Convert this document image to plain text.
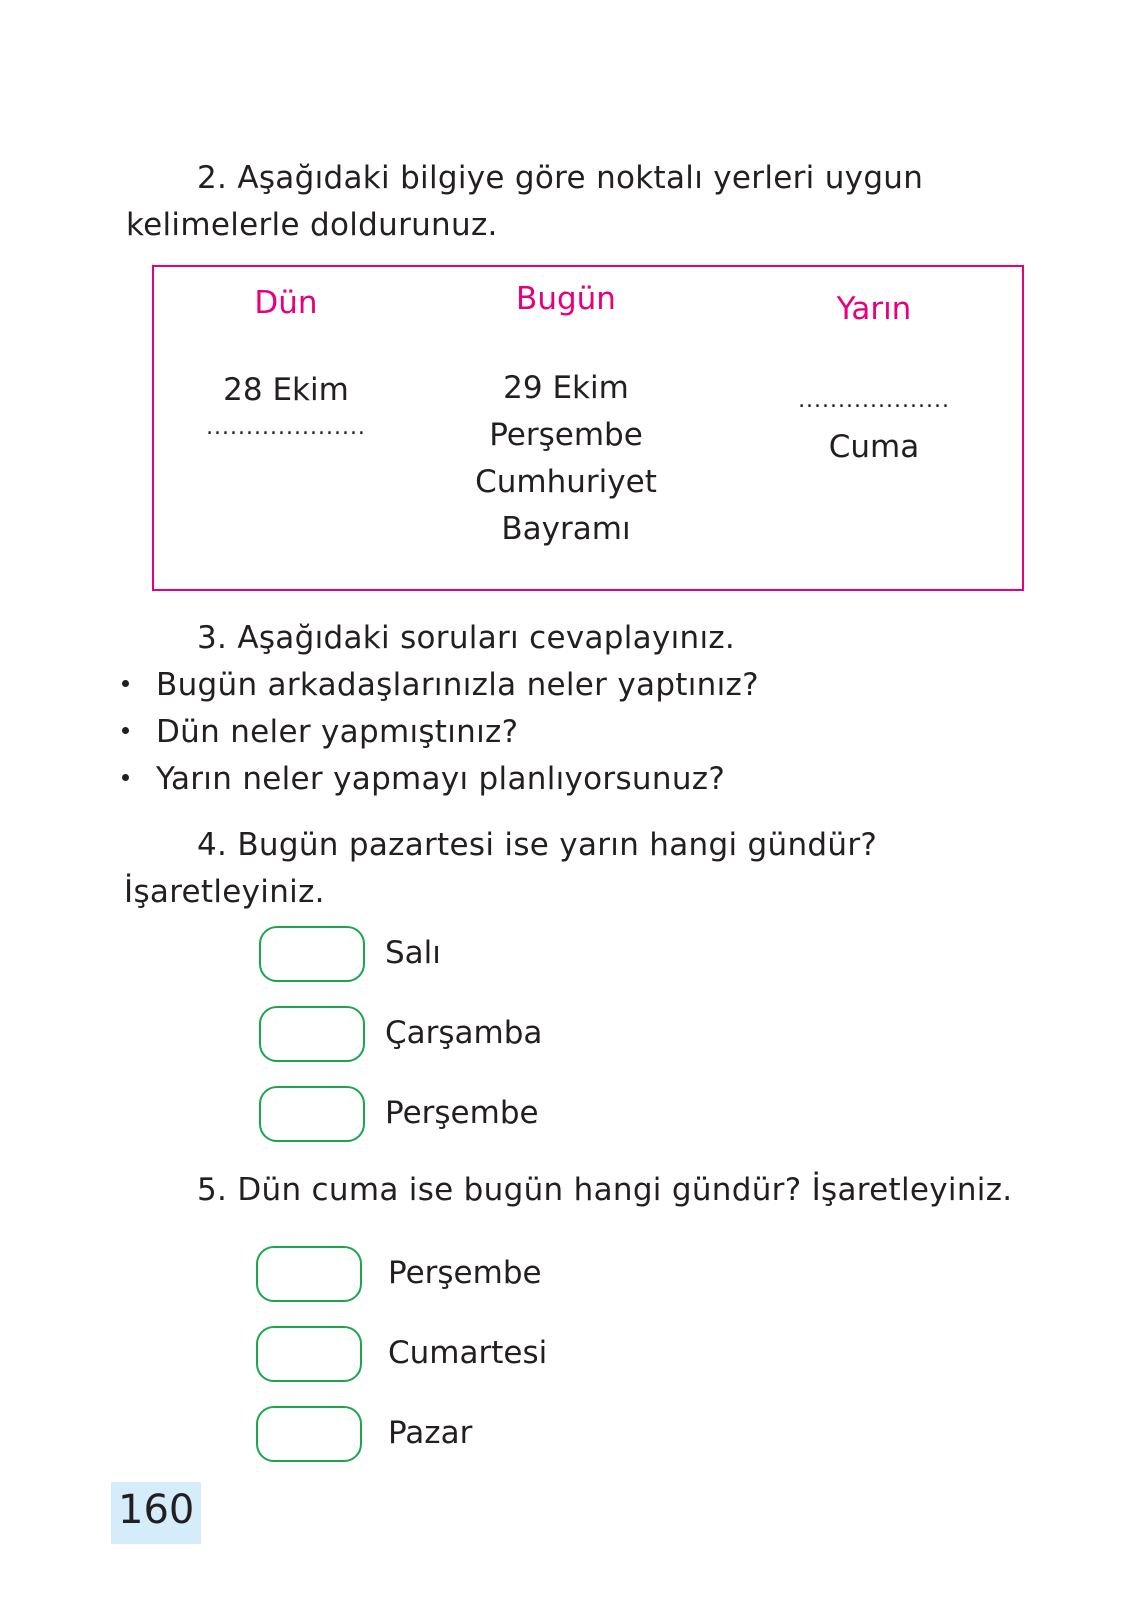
2. Aşağıdaki bilgiye göre noktalı yerleri uygun
kelimelerle doldurunuz.
Dün
28 Ekim
....................
Bugün
29 Ekim
Perşembe
Cumhuriyet
Bayramı
Yarın
...................
Cuma
3. Aşağıdaki soruları cevaplayınız.
Bugün arkadaşlarınızla neler yaptınız?
Dün neler yapmıştınız?
Yarın neler yapmayı planlıyorsunuz?
4. Bugün pazartesi ise yarın hangi gündür?
İşaretleyiniz.
Salı
Çarşamba
Perşembe
5. Dün cuma ise bugün hangi gündür? İşaretleyiniz.
Perşembe
Cumartesi
Pazar
160
